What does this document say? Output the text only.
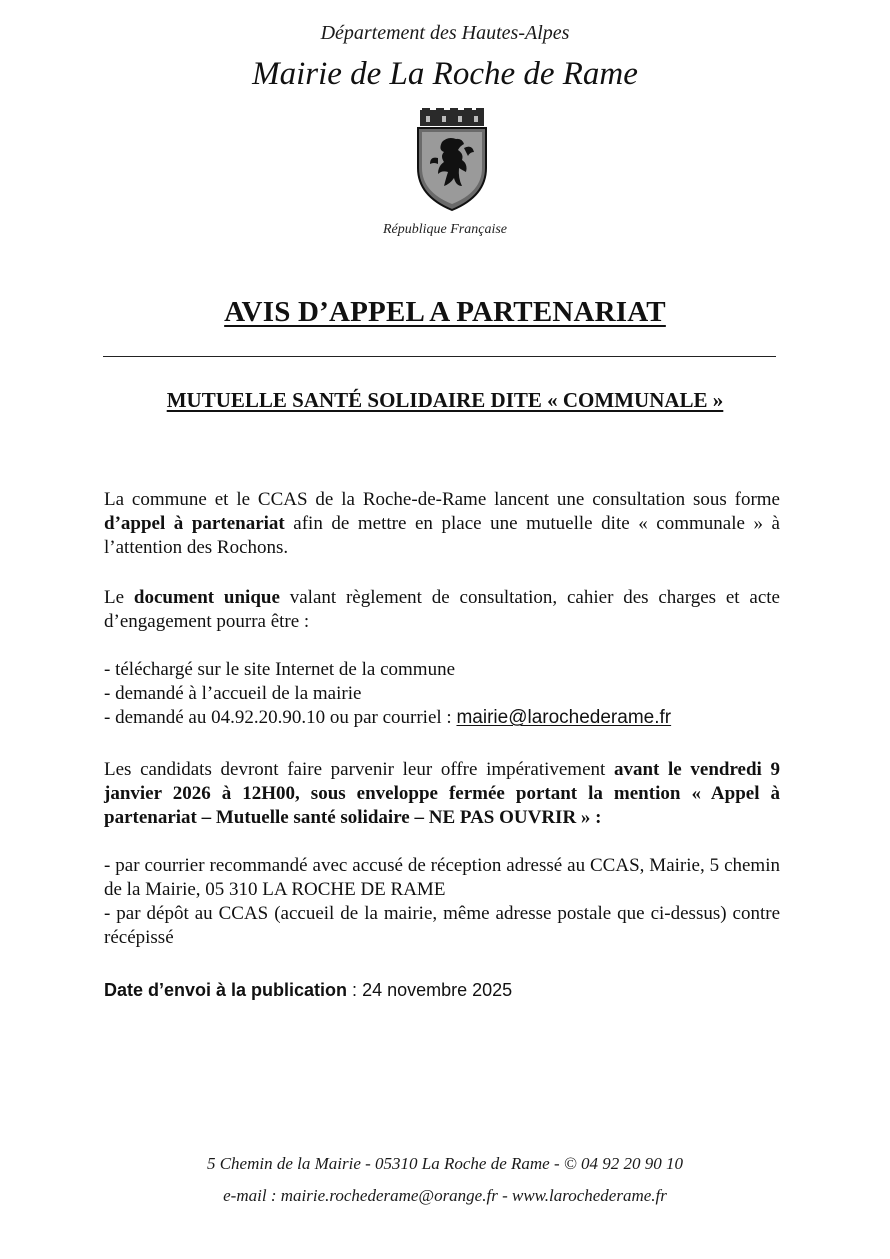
Département des Hautes-Alpes
Mairie de La Roche de Rame
République Française
AVIS D’APPEL A PARTENARIAT
MUTUELLE SANTÉ SOLIDAIRE DITE « COMMUNALE »

La commune et le CCAS de la Roche-de-Rame lancent une consultation sous forme d’appel à partenariat afin de mettre en place une mutuelle dite « communale » à l’attention des Rochons.

Le document unique valant règlement de consultation, cahier des charges et acte d’engagement pourra être :

- téléchargé sur le site Internet de la commune
- demandé à l’accueil de la mairie
- demandé au 04.92.20.90.10 ou par courriel : mairie@larochederame.fr

Les candidats devront faire parvenir leur offre impérativement avant le vendredi 9 janvier 2026 à 12H00, sous enveloppe fermée portant la mention « Appel à partenariat – Mutuelle santé solidaire – NE PAS OUVRIR » :

- par courrier recommandé avec accusé de réception adressé au CCAS, Mairie, 5 chemin de la Mairie, 05 310 LA ROCHE DE RAME
- par dépôt au CCAS (accueil de la mairie, même adresse postale que ci-dessus) contre récépissé
Date d’envoi à la publication : 24 novembre 2025
5 Chemin de la Mairie - 05310 La Roche de Rame - © 04 92 20 90 10
e-mail : mairie.rochederame@orange.fr - www.larochederame.fr
